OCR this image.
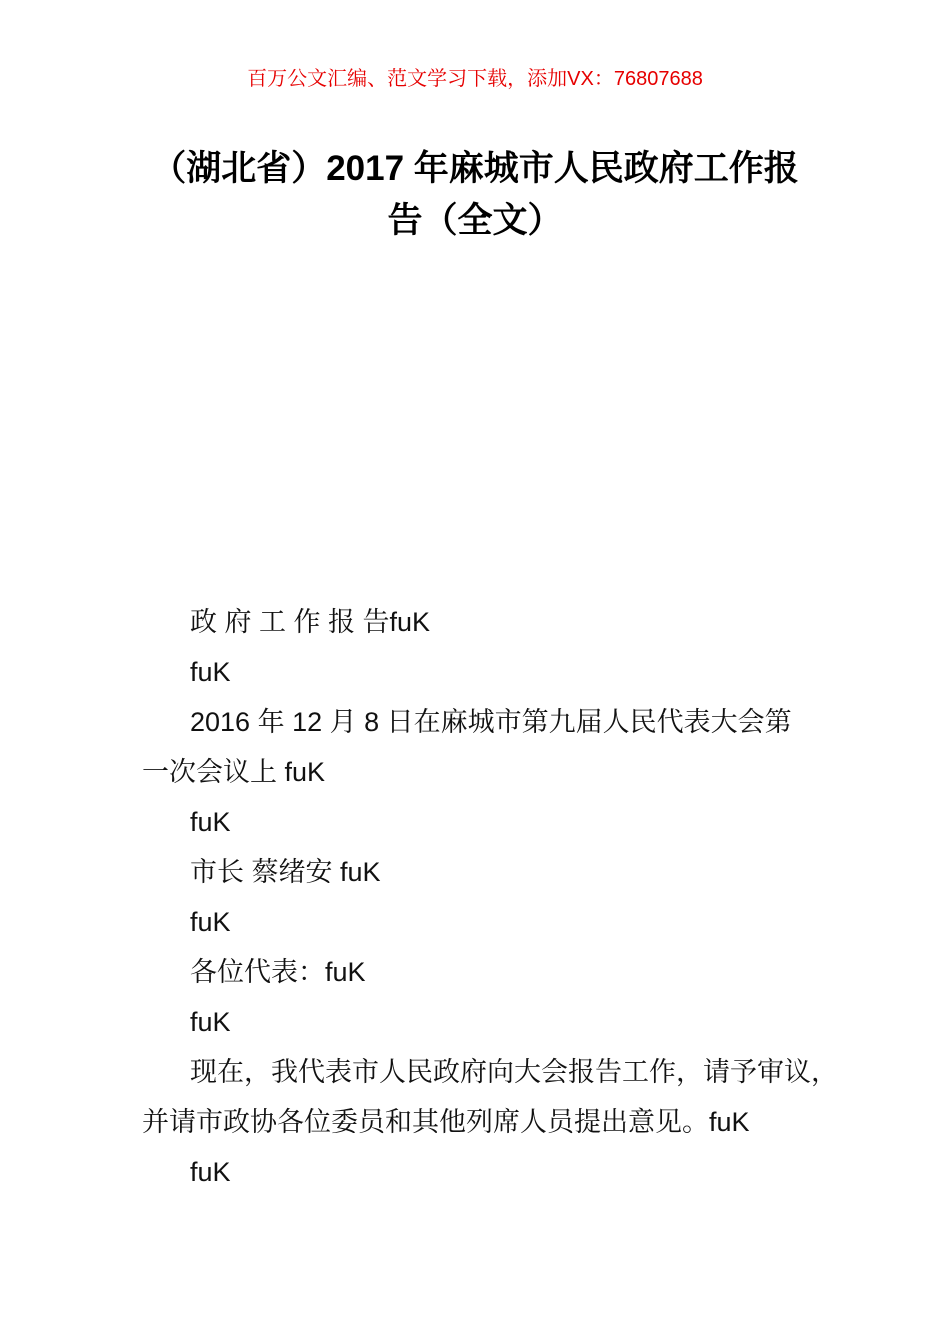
百万公文汇编、范文学习下载，添加VX：76807688
（湖北省）2017 年麻城市人民政府工作报
告（全文）
政 府 工 作 报 告fuK
fuK
2016 年 12 月 8 日在麻城市第九届人民代表大会第
一次会议上 fuK
fuK
市长 蔡绪安 fuK
fuK
各位代表：fuK
fuK
现在，我代表市人民政府向大会报告工作，请予审议，
并请市政协各位委员和其他列席人员提出意见。fuK
fuK
